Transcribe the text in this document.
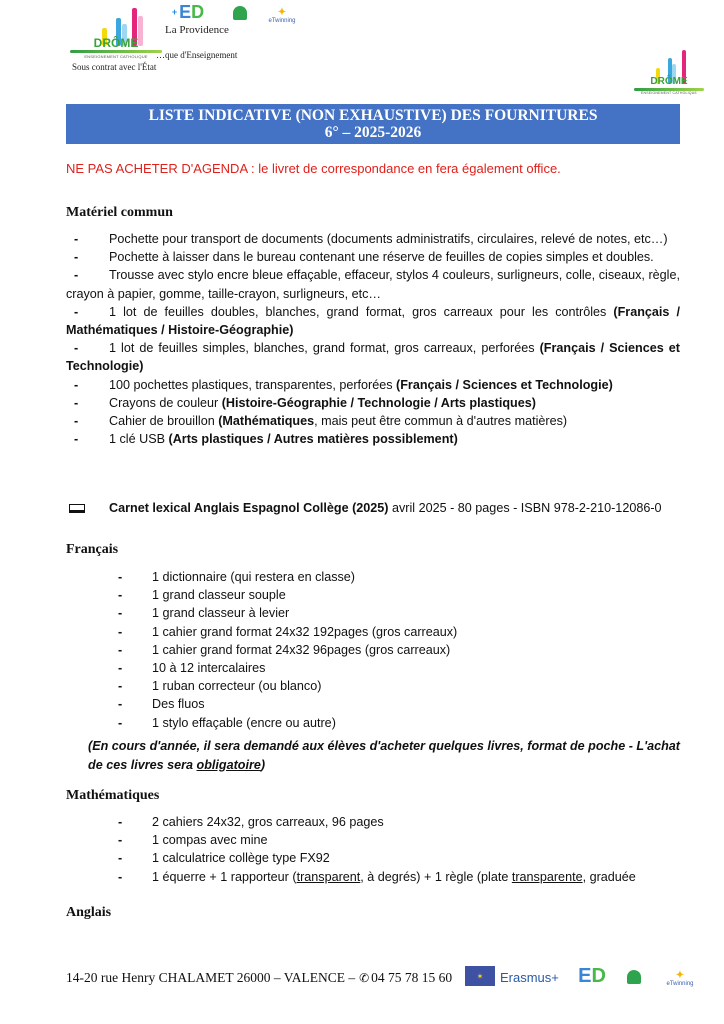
DRÔME
ENSEIGNEMENT CATHOLIQUE
La Providence
…que d'Enseignement
Sous contrat avec l'État
+ E D	✦
eTwinning
DRÔME
ENSEIGNEMENT CATHOLIQUE
LISTE INDICATIVE (NON EXHAUSTIVE) DES FOURNITURES
6° – 2025-2026
NE PAS ACHETER D'AGENDA : le livret de correspondance en fera également office.
Matériel commun
- Pochette pour transport de documents (documents administratifs, circulaires, relevé de notes, etc…)
-	Pochette à laisser dans le bureau contenant une réserve de feuilles de copies simples et doubles.
- Trousse avec stylo encre bleue effaçable, effaceur, stylos 4 couleurs, surligneurs, colle, ciseaux, règle, crayon à papier, gomme, taille-crayon, surligneurs, etc…
- 1 lot de feuilles doubles, blanches, grand format, gros carreaux pour les contrôles (Français / Mathématiques / Histoire-Géographie)
- 1 lot de feuilles simples, blanches, grand format, gros carreaux, perforées (Français / Sciences et Technologie)
- 100 pochettes plastiques, transparentes, perforées (Français / Sciences et Technologie)
- Crayons de couleur (Histoire-Géographie / Technologie / Arts plastiques)
- Cahier de brouillon (Mathématiques, mais peut être commun à d'autres matières)
- 1 clé USB (Arts plastiques / Autres matières possiblement)
Carnet lexical Anglais Espagnol Collège (2025) avril 2025 - 80 pages - ISBN 978-2-210-12086-0
Français
-	1 dictionnaire (qui restera en classe)
-	1 grand classeur souple
-	1 grand classeur à levier
-	1 cahier grand format 24x32 192pages (gros carreaux)
-	1 cahier grand format 24x32 96pages (gros carreaux)
-	10 à 12 intercalaires
-	1 ruban correcteur (ou blanco)
-	Des fluos
-	1 stylo effaçable (encre ou autre)
(En cours d'année, il sera demandé aux élèves d'acheter quelques livres, format de poche - L'achat de ces livres sera obligatoire)
Mathématiques
-	2 cahiers 24x32, gros carreaux, 96 pages
-	1 compas avec mine
-	1 calculatrice collège type FX92
-	1 équerre + 1 rapporteur (transparent, à degrés) + 1 règle (plate transparente, graduée
Anglais
14-20 rue Henry CHALAMET 26000 – VALENCE – ✆ 04 75 78 15 60	✶	Erasmus+ E D	✦
eTwinning
